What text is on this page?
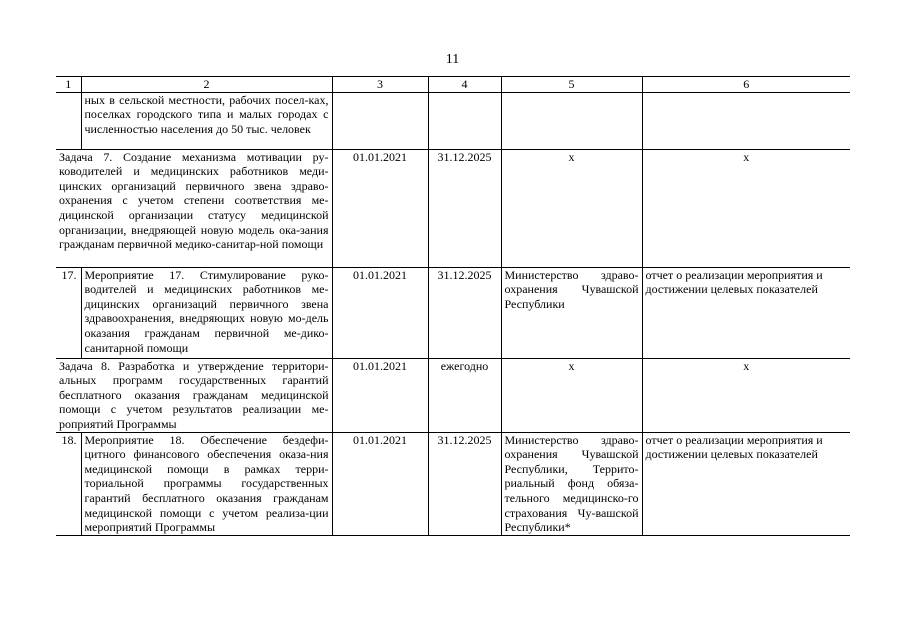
11
1	2	3	4	5	6
	ных в сельской местности, рабочих посел-ках, поселках городского типа и малых городах с численностью населения до 50 тыс. человек				
Задача 7. Создание механизма мотивации ру-ководителей и медицинских работников меди-цинских организаций первичного звена здраво-охранения с учетом степени соответствия ме-дицинской организации статусу медицинской организации, внедряющей новую модель ока-зания гражданам первичной медико-санитар-ной помощи		01.01.2021	31.12.2025	x	x
17.	Мероприятие 17. Стимулирование руко-водителей и медицинских работников ме-дицинских организаций первичного звена здравоохранения, внедряющих новую мо-дель оказания гражданам первичной ме-дико-санитарной помощи	01.01.2021	31.12.2025	Министерство здраво-охранения Чувашской Республики	отчет о реализации мероприятия и достижении целевых показателей
Задача 8. Разработка и утверждение территори-альных программ государственных гарантий бесплатного оказания гражданам медицинской помощи с учетом результатов реализации ме-роприятий Программы		01.01.2021	ежегодно	x	x
18.	Мероприятие 18. Обеспечение бездефи-цитного финансового обеспечения оказа-ния медицинской помощи в рамках терри-ториальной программы государственных гарантий бесплатного оказания гражданам медицинской помощи с учетом реализа-ции мероприятий Программы	01.01.2021	31.12.2025	Министерство здраво-охранения Чувашской Республики, Террито-риальный фонд обяза-тельного медицинско-го страхования Чу-вашской Республики*	отчет о реализации мероприятия и достижении целевых показателей
